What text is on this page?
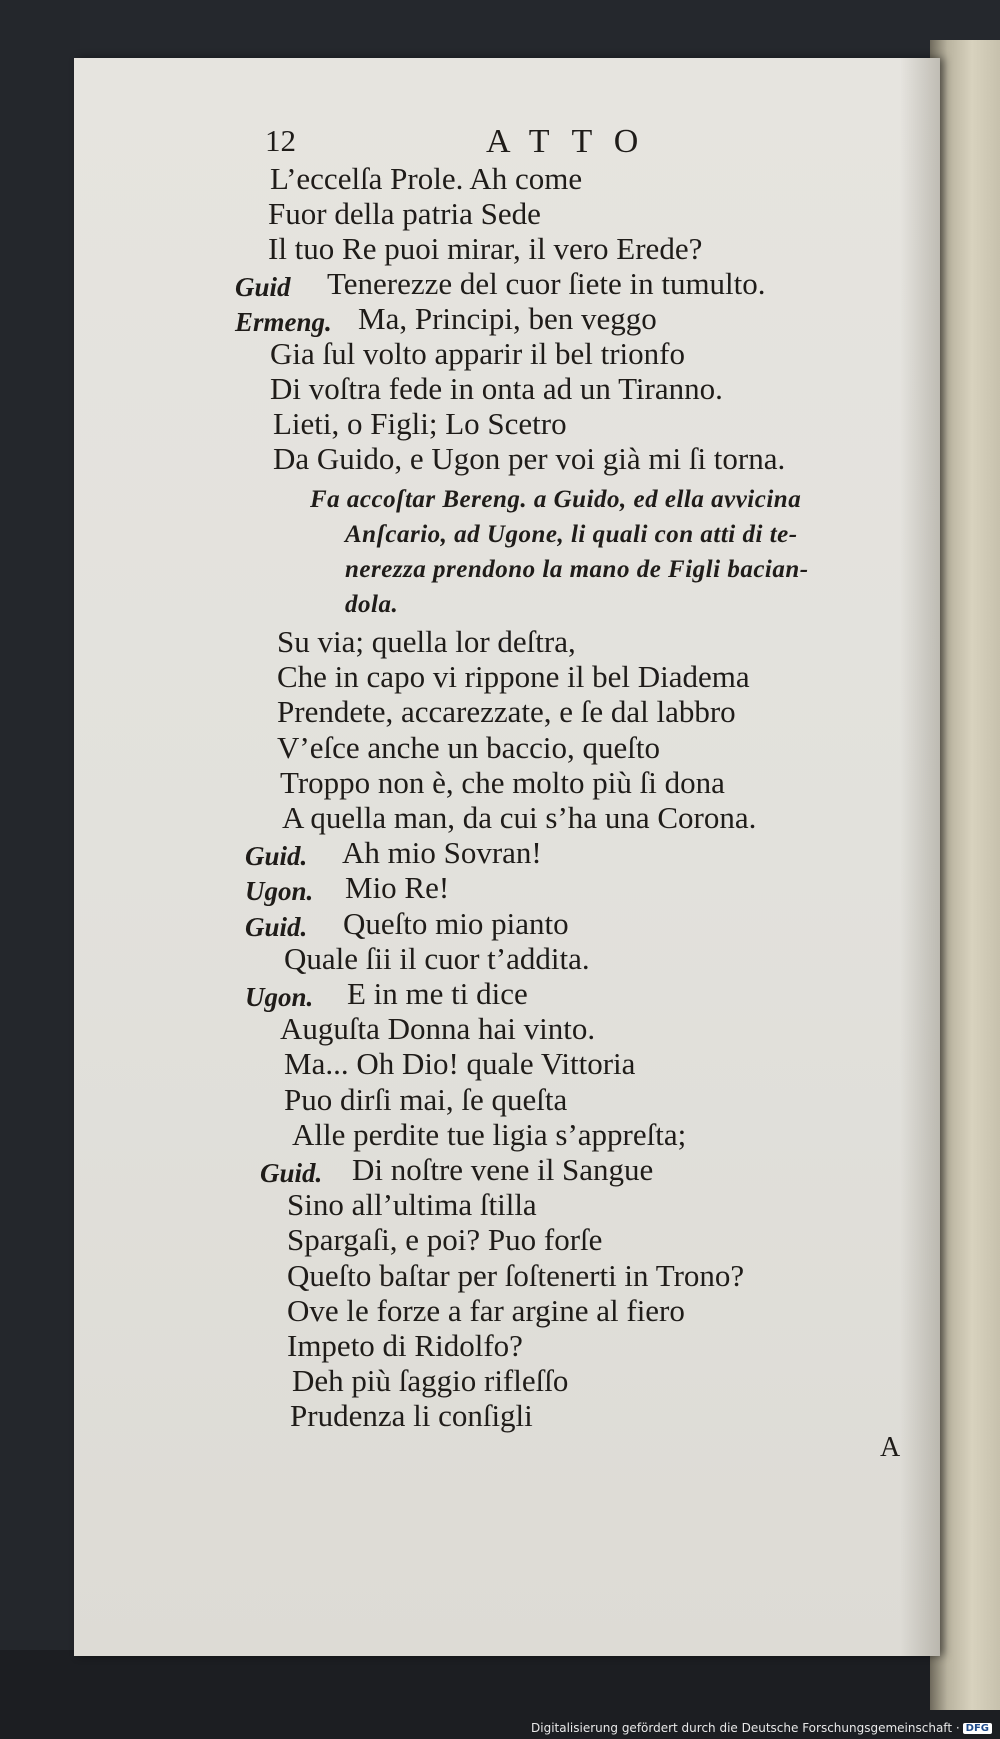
12	ATTO
L’eccelſa Prole. Ah come
Fuor della patria Sede
Il tuo Re puoi mirar, il vero Erede?
Guid Tenerezze del cuor ſiete in tumulto.
Ermeng. Ma, Principi, ben veggo
Gia ſul volto apparir il bel trionfo
Di voſtra fede in onta ad un Tiranno.
Lieti, o Figli; Lo Scetro
Da Guido, e Ugon per voi già mi ſi torna.
Fa accoſtar Bereng. a Guido, ed ella avvicina
Anſcario, ad Ugone, li quali con atti di te-
nerezza prendono la mano de Figli bacian-
dola.
Su via; quella lor deſtra,
Che in capo vi rippone il bel Diadema
Prendete, accarezzate, e ſe dal labbro
V’eſce anche un baccio, queſto
Troppo non è, che molto più ſi dona
A quella man, da cui s’ha una Corona.
Guid. Ah mio Sovran!
Ugon. Mio Re!
Guid. Queſto mio pianto
Quale ſii il cuor t’addita.
Ugon. E in me ti dice
Auguſta Donna hai vinto.
Ma... Oh Dio! quale Vittoria
Puo dirſi mai, ſe queſta
Alle perdite tue ligia s’appreſta;
Guid. Di noſtre vene il Sangue
Sino all’ultima ſtilla
Spargaſi, e poi? Puo forſe
Queſto baſtar per ſoſtenerti in Trono?
Ove le forze a far argine al fiero
Impeto di Ridolfo?
Deh più ſaggio rifleſſo
Prudenza li conſigli
A
Digitalisierung gefördert durch die Deutsche Forschungsgemeinschaft · DFG
